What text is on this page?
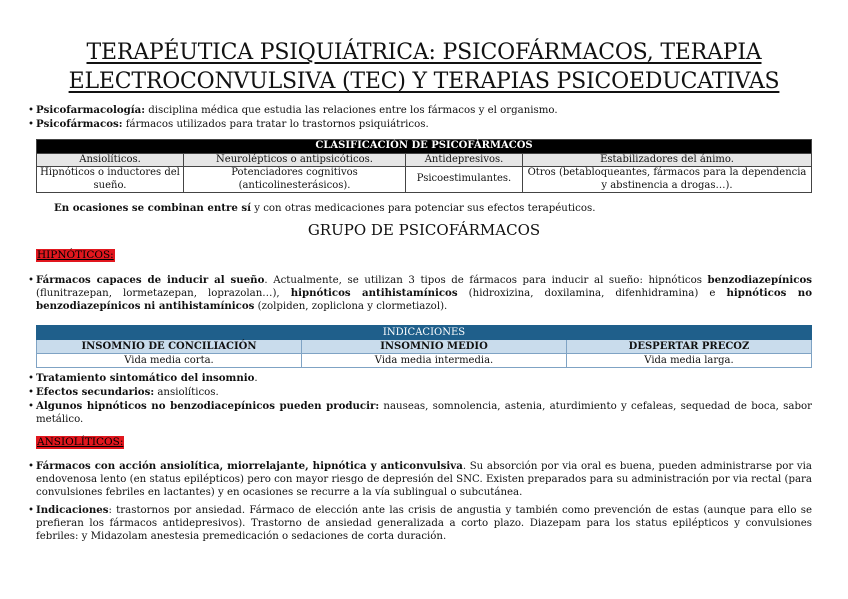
TERAPÉUTICA PSIQUIÁTRICA: PSICOFÁRMACOS, TERAPIA
ELECTROCONVULSIVA (TEC) Y TERAPIAS PSICOEDUCATIVAS
• Psicofarmacología: disciplina médica que estudia las relaciones entre los fármacos y el organismo.
• Psicofármacos: fármacos utilizados para tratar lo trastornos psiquiátricos.
CLASIFICACIÓN DE PSICOFÁRMACOS			
Ansiolíticos.	Neurolépticos o antipsicóticos.	Antidepresivos.	Estabilizadores del ánimo.
Hipnóticos o inductores del sueño.	Potenciadores cognitivos (anticolinesterásicos).	Psicoestimulantes.	Otros (betabloqueantes, fármacos para la dependencia y abstinencia a drogas…).
En ocasiones se combinan entre sí y con otras medicaciones para potenciar sus efectos terapéuticos.
GRUPO DE PSICOFÁRMACOS
HIPNÓTICOS:
• Fármacos capaces de inducir al sueño. Actualmente, se utilizan 3 tipos de fármacos para inducir al sueño: hipnóticos benzodiazepínicos (flunitrazepan, lormetazepan, loprazolan…), hipnóticos antihistamínicos (hidroxizina, doxilamina, difenhidramina) e hipnóticos no benzodiazepínicos ni antihistamínicos (zolpiden, zopliclona y clormetiazol).
INDICACIONES		
INSOMNIO DE CONCILIACIÓN	INSOMNIO MEDIO	DESPERTAR PRECOZ
Vida media corta.	Vida media intermedia.	Vida media larga.
• Tratamiento sintomático del insomnio.
• Efectos secundarios: ansiolíticos.
• Algunos hipnóticos no benzodiacepínicos pueden producir: nauseas, somnolencia, astenia, aturdimiento y cefaleas, sequedad de boca, sabor metálico.
ANSIOLÍTICOS:
• Fármacos con acción ansiolítica, miorrelajante, hipnótica y anticonvulsiva. Su absorción por via oral es buena, pueden administrarse por via endovenosa lento (en status epilépticos) pero con mayor riesgo de depresión del SNC. Existen preparados para su administración por via rectal (para convulsiones febriles en lactantes) y en ocasiones se recurre a la vía sublingual o subcutánea.
• Indicaciones: trastornos por ansiedad. Fármaco de elección ante las crisis de angustia y también como prevención de estas (aunque para ello se prefieran los fármacos antidepresivos). Trastorno de ansiedad generalizada a corto plazo. Diazepam para los status epilépticos y convulsiones febriles: y Midazolam anestesia premedicación o sedaciones de corta duración.
